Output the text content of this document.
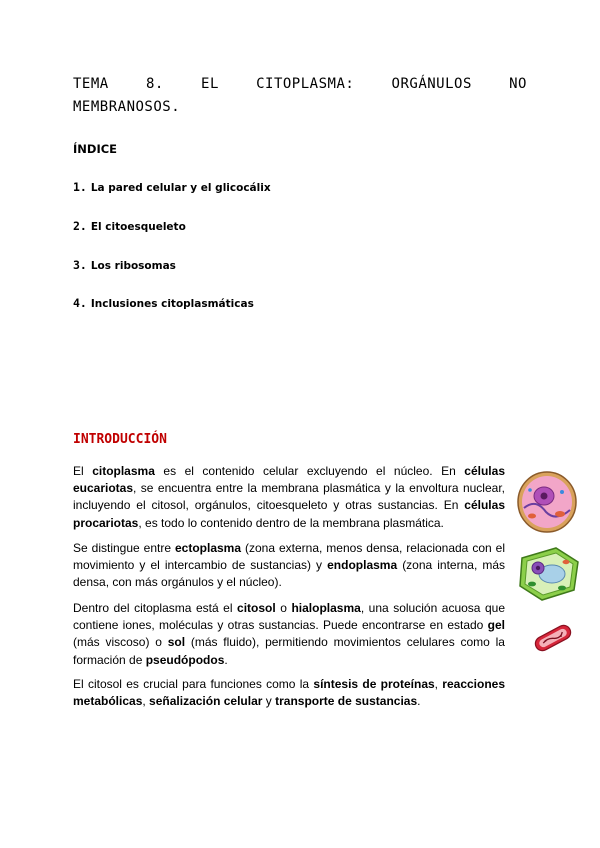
TEMA	8.	EL	CITOPLASMA:	ORGÁNULOS	NO
MEMBRANOSOS.
ÍNDICE
1. La pared celular y el glicocálix
2. El citoesqueleto
3. Los ribosomas
4. Inclusiones citoplasmáticas
INTRODUCCIÓN

El citoplasma es el contenido celular excluyendo el núcleo. En células eucariotas, se encuentra entre la membrana plasmática y la envoltura nuclear, incluyendo el citosol, orgánulos, citoesqueleto y otras sustancias. En células procariotas, es todo lo contenido dentro de la membrana plasmática.

Se distingue entre ectoplasma (zona externa, menos densa, relacionada con el movimiento y el intercambio de sustancias) y endoplasma (zona interna, más densa, con más orgánulos y el núcleo).

Dentro del citoplasma está el citosol o hialoplasma, una solución acuosa que contiene iones, moléculas y otras sustancias. Puede encontrarse en estado gel (más viscoso) o sol (más fluido), permitiendo movimientos celulares como la formación de pseudópodos.

El citosol es crucial para funciones como la síntesis de proteínas, reacciones metabólicas, señalización celular y transporte de sustancias.
